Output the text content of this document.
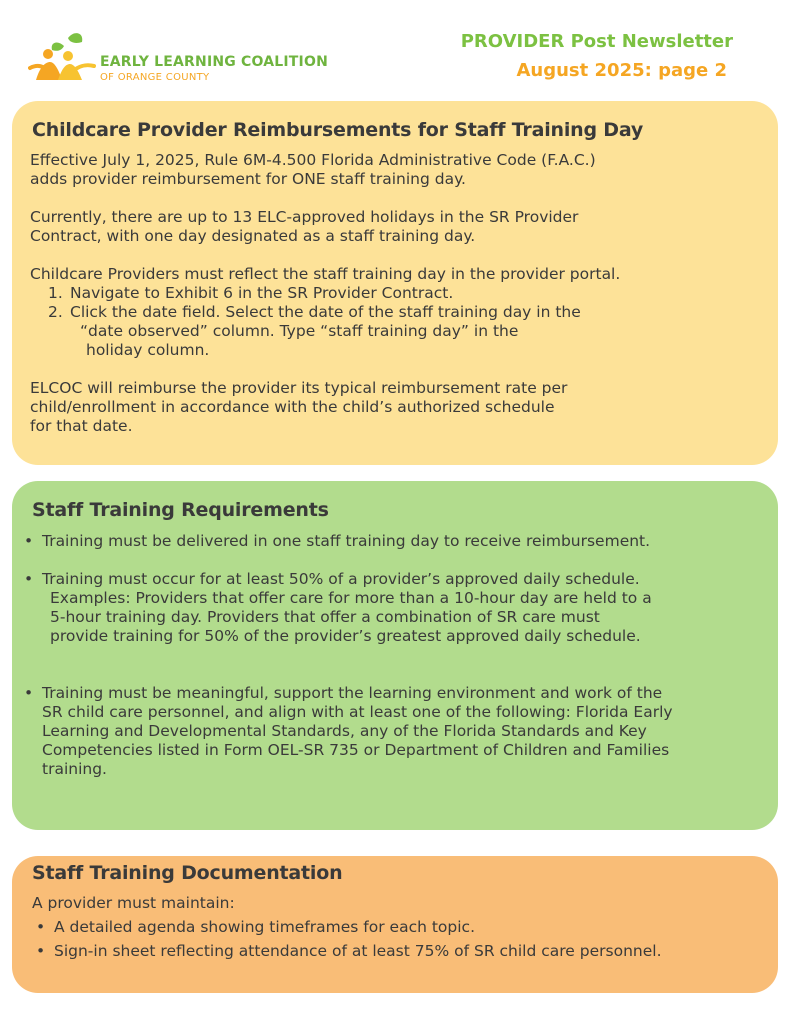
EARLY LEARNING COALITION
OF ORANGE COUNTY
PROVIDER Post Newsletter
August 2025: page 2
Childcare Provider Reimbursements for Staff Training Day
Effective July 1, 2025, Rule 6M-4.500 Florida Administrative Code (F.A.C.)
adds provider reimbursement for ONE staff training day.
Currently, there are up to 13 ELC-approved holidays in the SR Provider
Contract, with one day designated as a staff training day.
Childcare Providers must reflect the staff training day in the provider portal.
1. Navigate to Exhibit 6 in the SR Provider Contract.
2. Click the date field. Select the date of the staff training day in the
“date observed” column. Type “staff training day” in the
holiday column.
ELCOC will reimburse the provider its typical reimbursement rate per
child/enrollment in accordance with the child’s authorized schedule
for that date.
Staff Training Requirements
• Training must be delivered in one staff training day to receive reimbursement.
• Training must occur for at least 50% of a provider’s approved daily schedule.
Examples: Providers that offer care for more than a 10-hour day are held to a
5-hour training day. Providers that offer a combination of SR care must
provide training for 50% of the provider’s greatest approved daily schedule.
• Training must be meaningful, support the learning environment and work of the
SR child care personnel, and align with at least one of the following: Florida Early
Learning and Developmental Standards, any of the Florida Standards and Key
Competencies listed in Form OEL-SR 735 or Department of Children and Families
training.
Staff Training Documentation
A provider must maintain:
• A detailed agenda showing timeframes for each topic.
• Sign-in sheet reflecting attendance of at least 75% of SR child care personnel.
